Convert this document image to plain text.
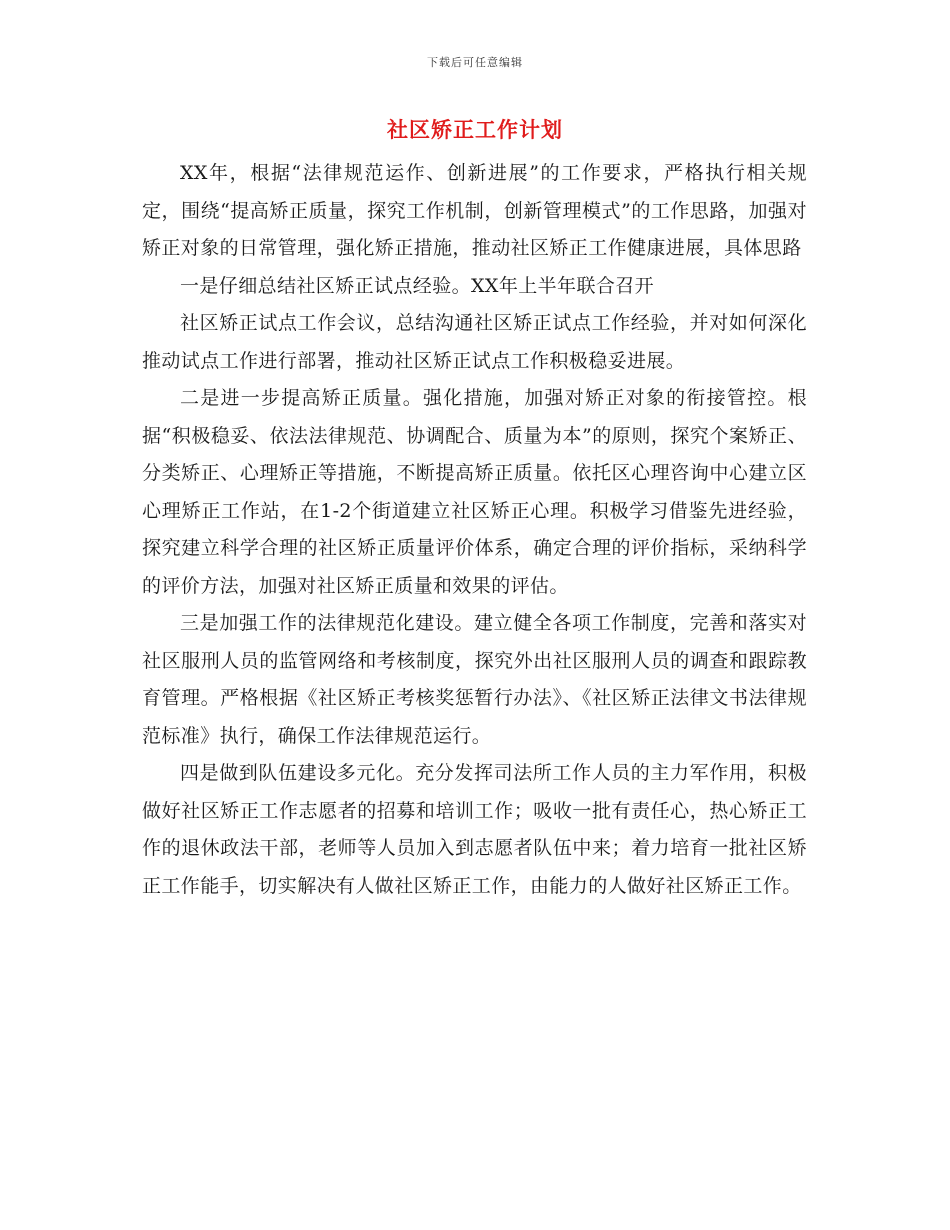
下载后可任意编辑
社区矫正工作计划

XX年，根据“法律规范运作、创新进展”的工作要求，严格执行相关规定，围绕“提高矫正质量，探究工作机制，创新管理模式”的工作思路，加强对矫正对象的日常管理，强化矫正措施，推动社区矫正工作健康进展，具体思路

一是仔细总结社区矫正试点经验。XX年上半年联合召开

社区矫正试点工作会议，总结沟通社区矫正试点工作经验，并对如何深化推动试点工作进行部署，推动社区矫正试点工作积极稳妥进展。

二是进一步提高矫正质量。强化措施，加强对矫正对象的衔接管控。根据“积极稳妥、依法法律规范、协调配合、质量为本”的原则，探究个案矫正、分类矫正、心理矫正等措施，不断提高矫正质量。依托区心理咨询中心建立区心理矫正工作站，在1-2个街道建立社区矫正心理。积极学习借鉴先进经验，探究建立科学合理的社区矫正质量评价体系，确定合理的评价指标，采纳科学的评价方法，加强对社区矫正质量和效果的评估。

三是加强工作的法律规范化建设。建立健全各项工作制度，完善和落实对社区服刑人员的监管网络和考核制度，探究外出社区服刑人员的调查和跟踪教育管理。严格根据《社区矫正考核奖惩暂行办法》、《社区矫正法律文书法律规范标准》执行，确保工作法律规范运行。

四是做到队伍建设多元化。充分发挥司法所工作人员的主力军作用，积极做好社区矫正工作志愿者的招募和培训工作；吸收一批有责任心，热心矫正工作的退休政法干部，老师等人员加入到志愿者队伍中来；着力培育一批社区矫正工作能手，切实解决有人做社区矫正工作，由能力的人做好社区矫正工作。
